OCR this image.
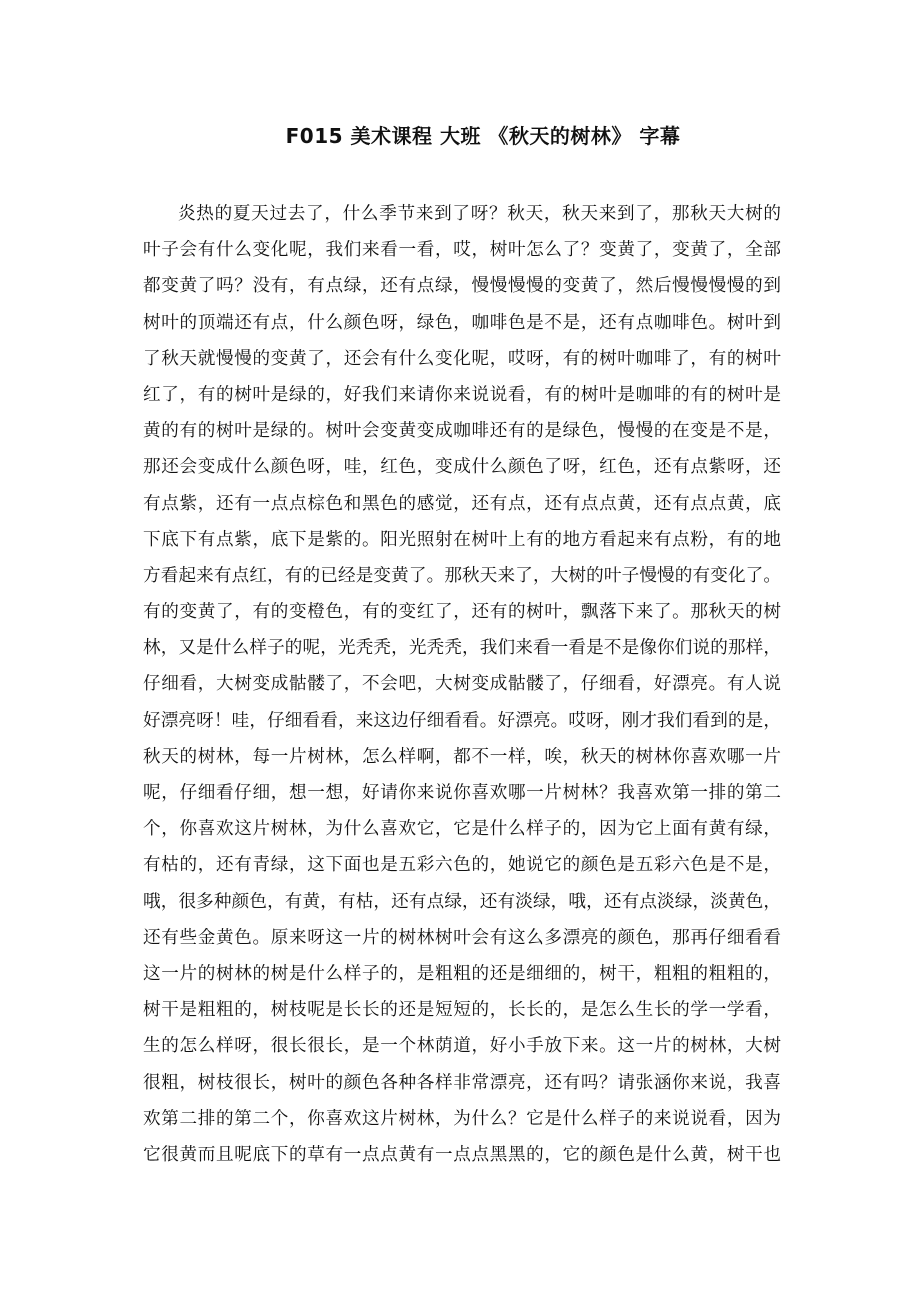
F015 美术课程 大班 《秋天的树林》 字幕
炎热的夏天过去了，什么季节来到了呀？秋天，秋天来到了，那秋天大树的
叶子会有什么变化呢，我们来看一看，哎，树叶怎么了？变黄了，变黄了，全部
都变黄了吗？没有，有点绿，还有点绿，慢慢慢慢的变黄了，然后慢慢慢慢的到
树叶的顶端还有点，什么颜色呀，绿色，咖啡色是不是，还有点咖啡色。树叶到
了秋天就慢慢的变黄了，还会有什么变化呢，哎呀，有的树叶咖啡了，有的树叶
红了，有的树叶是绿的，好我们来请你来说说看，有的树叶是咖啡的有的树叶是
黄的有的树叶是绿的。树叶会变黄变成咖啡还有的是绿色，慢慢的在变是不是，
那还会变成什么颜色呀，哇，红色，变成什么颜色了呀，红色，还有点紫呀，还
有点紫，还有一点点棕色和黑色的感觉，还有点，还有点点黄，还有点点黄，底
下底下有点紫，底下是紫的。阳光照射在树叶上有的地方看起来有点粉，有的地
方看起来有点红，有的已经是变黄了。那秋天来了，大树的叶子慢慢的有变化了。
有的变黄了，有的变橙色，有的变红了，还有的树叶，飘落下来了。那秋天的树
林，又是什么样子的呢，光秃秃，光秃秃，我们来看一看是不是像你们说的那样，
仔细看，大树变成骷髅了，不会吧，大树变成骷髅了，仔细看，好漂亮。有人说
好漂亮呀！哇，仔细看看，来这边仔细看看。好漂亮。哎呀，刚才我们看到的是，
秋天的树林，每一片树林，怎么样啊，都不一样，唉，秋天的树林你喜欢哪一片
呢，仔细看仔细，想一想，好请你来说你喜欢哪一片树林？我喜欢第一排的第二
个，你喜欢这片树林，为什么喜欢它，它是什么样子的，因为它上面有黄有绿，
有枯的，还有青绿，这下面也是五彩六色的，她说它的颜色是五彩六色是不是，
哦，很多种颜色，有黄，有枯，还有点绿，还有淡绿，哦，还有点淡绿，淡黄色，
还有些金黄色。原来呀这一片的树林树叶会有这么多漂亮的颜色，那再仔细看看
这一片的树林的树是什么样子的，是粗粗的还是细细的，树干，粗粗的粗粗的，
树干是粗粗的，树枝呢是长长的还是短短的，长长的，是怎么生长的学一学看，
生的怎么样呀，很长很长，是一个林荫道，好小手放下来。这一片的树林，大树
很粗，树枝很长，树叶的颜色各种各样非常漂亮，还有吗？请张涵你来说，我喜
欢第二排的第二个，你喜欢这片树林，为什么？它是什么样子的来说说看，因为
它很黄而且呢底下的草有一点点黄有一点点黑黑的，它的颜色是什么黄，树干也
